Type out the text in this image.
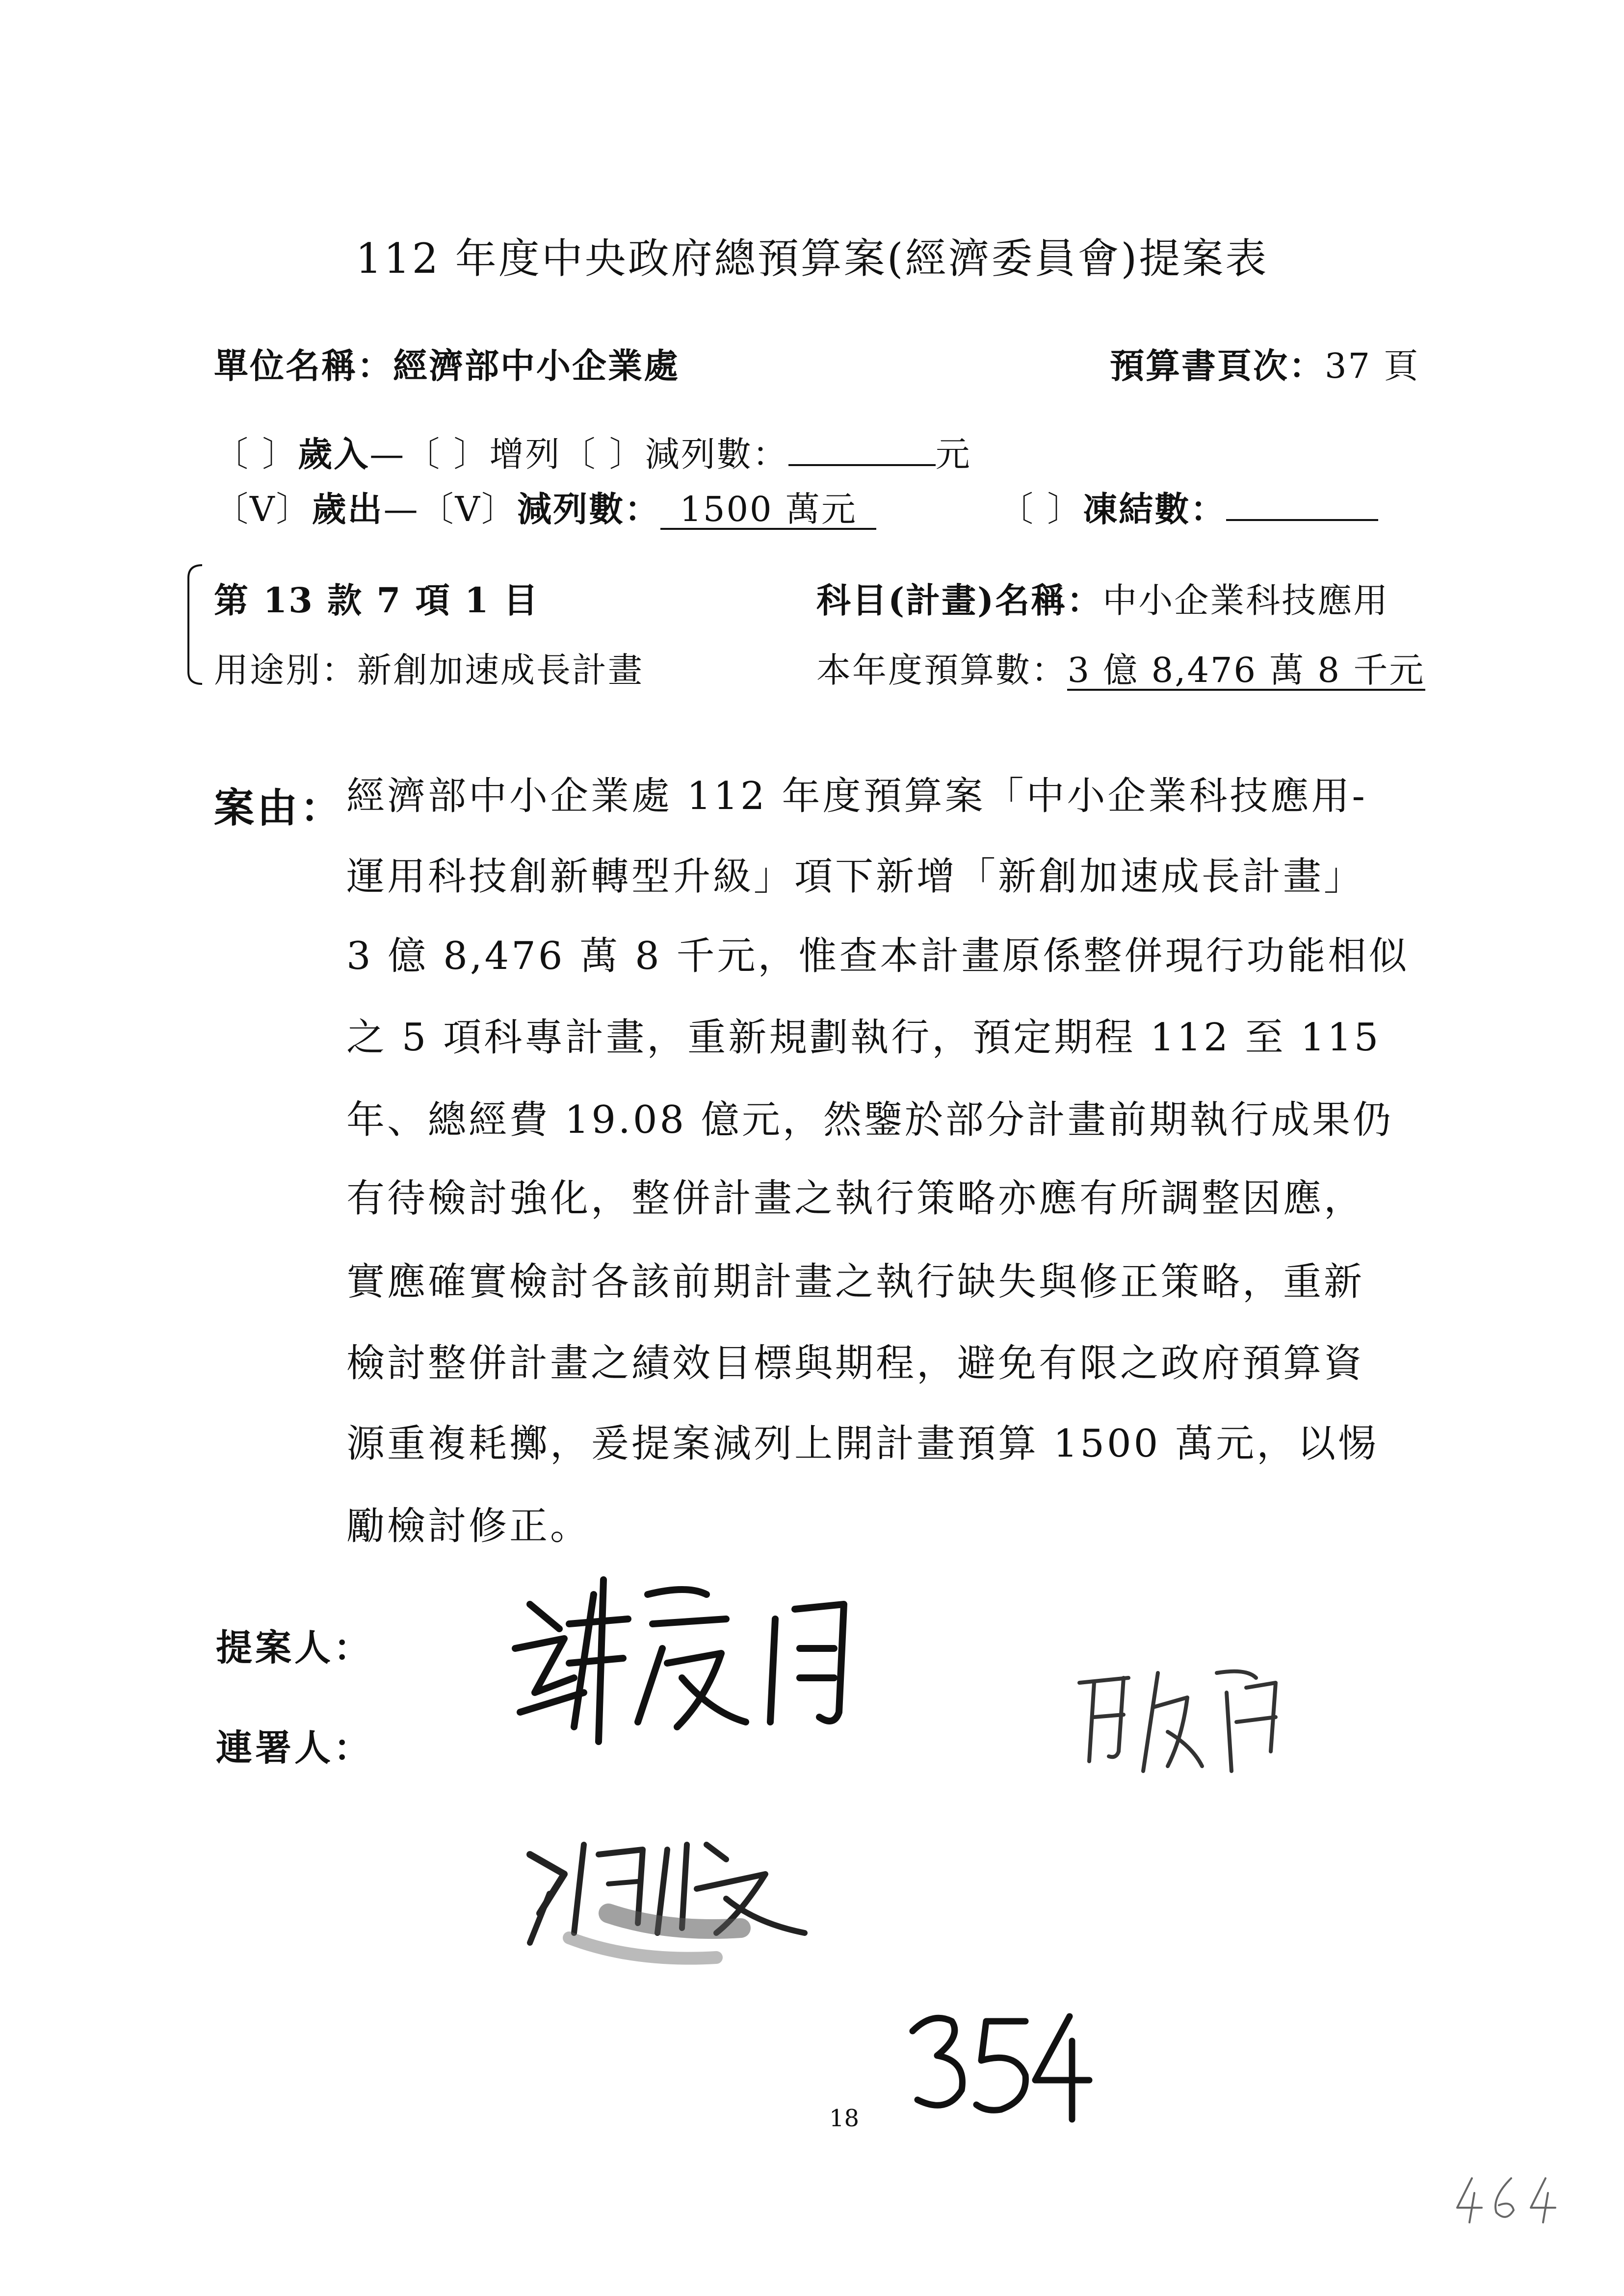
112 年度中央政府總預算案(經濟委員會)提案表
單位名稱：經濟部中小企業處	預算書頁次：37 頁
〔 〕歲入—〔 〕增列〔 〕減列數：	元
〔V〕歲出—〔V〕減列數： 1500 萬元	〔 〕凍結數：
第 13 款 7 項 1 目	科目(計畫)名稱：中小企業科技應用
用途別：新創加速成長計畫	本年度預算數：3 億 8,476 萬 8 千元
案由： 經濟部中小企業處 112 年度預算案「中小企業科技應用-
運用科技創新轉型升級」項下新增「新創加速成長計畫」
3 億 8,476 萬 8 千元，惟查本計畫原係整併現行功能相似
之 5 項科專計畫，重新規劃執行，預定期程 112 至 115
年、總經費 19.08 億元，然鑒於部分計畫前期執行成果仍
有待檢討強化，整併計畫之執行策略亦應有所調整因應，
實應確實檢討各該前期計畫之執行缺失與修正策略，重新
檢討整併計畫之績效目標與期程，避免有限之政府預算資
源重複耗擲，爰提案減列上開計畫預算 1500 萬元，以惕
勵檢討修正。
提案人：
連署人：
18
